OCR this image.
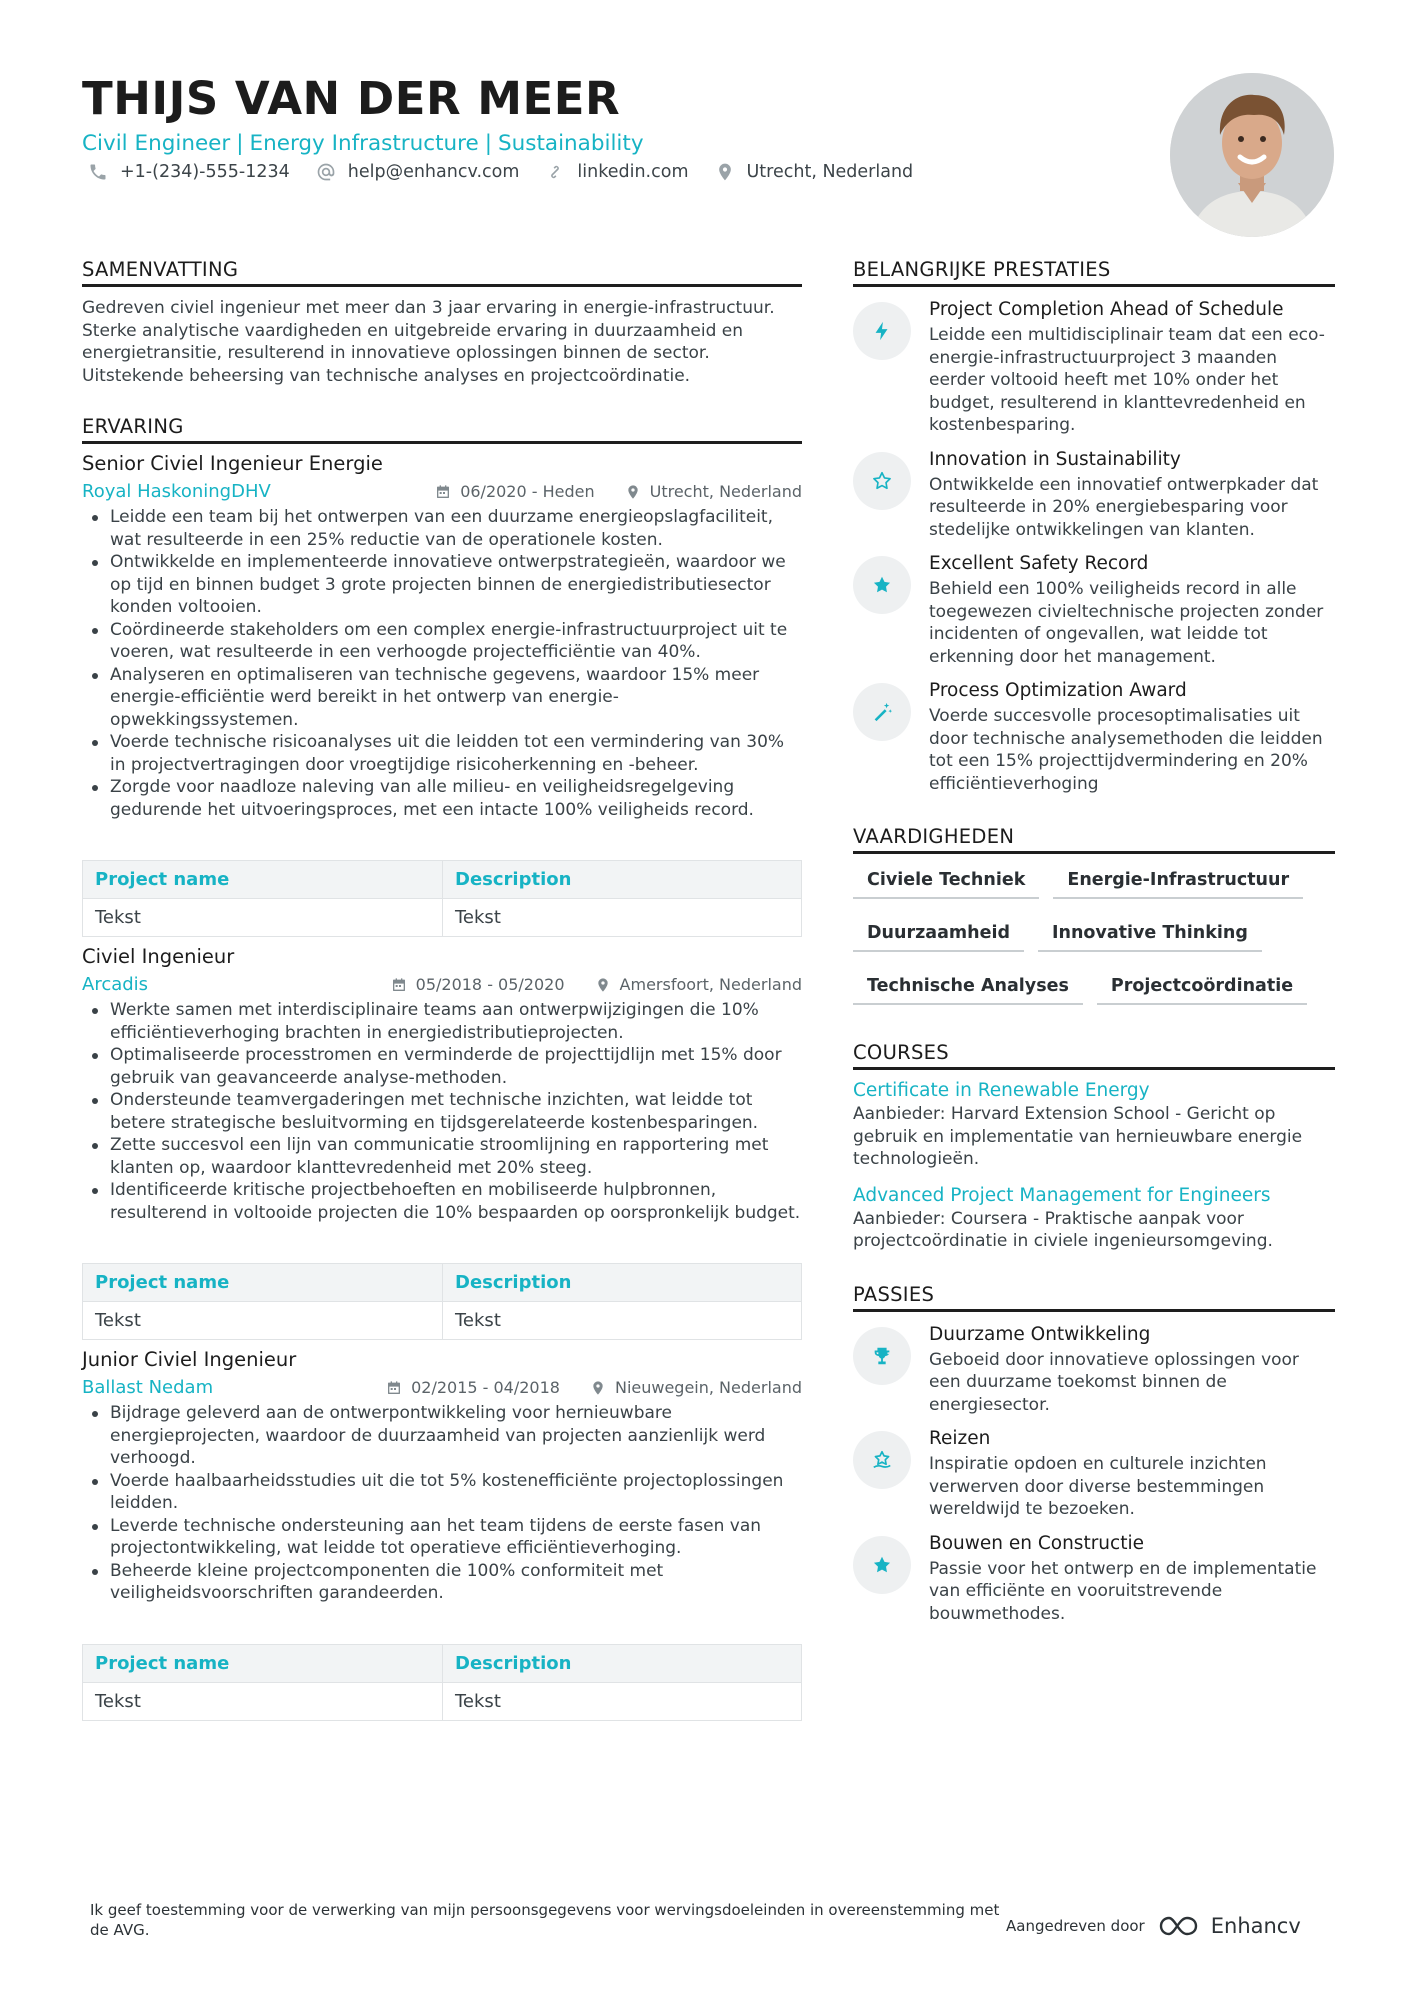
THIJS VAN DER MEER
Civil Engineer | Energy Infrastructure | Sustainability
+1-(234)-555-1234	help@enhancv.com	linkedin.com	Utrecht, Nederland
SAMENVATTING

Gedreven civiel ingenieur met meer dan 3 jaar ervaring in energie-infrastructuur. Sterke analytische vaardigheden en uitgebreide ervaring in duurzaamheid en energietransitie, resulterend in innovatieve oplossingen binnen de sector. Uitstekende beheersing van technische analyses en projectcoördinatie.

ERVARING
Senior Civiel Ingenieur Energie
Royal HaskoningDHV	06/2020 - Heden	Utrecht, Nederland
Leidde een team bij het ontwerpen van een duurzame energieopslagfaciliteit, wat resulteerde in een 25% reductie van de operationele kosten.
Ontwikkelde en implementeerde innovatieve ontwerpstrategieën, waardoor we op tijd en binnen budget 3 grote projecten binnen de energiedistributiesector konden voltooien.
Coördineerde stakeholders om een complex energie-infrastructuurproject uit te voeren, wat resulteerde in een verhoogde projectefficiëntie van 40%.
Analyseren en optimaliseren van technische gegevens, waardoor 15% meer energie-efficiëntie werd bereikt in het ontwerp van energie-opwekkingssystemen.
Voerde technische risicoanalyses uit die leidden tot een vermindering van 30% in projectvertragingen door vroegtijdige risicoherkenning en -beheer.
Zorgde voor naadloze naleving van alle milieu- en veiligheidsregelgeving gedurende het uitvoeringsproces, met een intacte 100% veiligheids record.
Project name	Description
Tekst	Tekst
Civiel Ingenieur
Arcadis	05/2018 - 05/2020	Amersfoort, Nederland
Werkte samen met interdisciplinaire teams aan ontwerpwijzigingen die 10% efficiëntieverhoging brachten in energiedistributieprojecten.
Optimaliseerde processtromen en verminderde de projecttijdlijn met 15% door gebruik van geavanceerde analyse-methoden.
Ondersteunde teamvergaderingen met technische inzichten, wat leidde tot betere strategische besluitvorming en tijdsgerelateerde kostenbesparingen.
Zette succesvol een lijn van communicatie stroomlijning en rapportering met klanten op, waardoor klanttevredenheid met 20% steeg.
Identificeerde kritische projectbehoeften en mobiliseerde hulpbronnen, resulterend in voltooide projecten die 10% bespaarden op oorspronkelijk budget.
Project name	Description
Tekst	Tekst
Junior Civiel Ingenieur
Ballast Nedam	02/2015 - 04/2018	Nieuwegein, Nederland
Bijdrage geleverd aan de ontwerpontwikkeling voor hernieuwbare energieprojecten, waardoor de duurzaamheid van projecten aanzienlijk werd verhoogd.
Voerde haalbaarheidsstudies uit die tot 5% kostenefficiënte projectoplossingen leidden.
Leverde technische ondersteuning aan het team tijdens de eerste fasen van projectontwikkeling, wat leidde tot operatieve efficiëntieverhoging.
Beheerde kleine projectcomponenten die 100% conformiteit met veiligheidsvoorschriften garandeerden.
Project name	Description
Tekst	Tekst
BELANGRIJKE PRESTATIES
Project Completion Ahead of Schedule
Leidde een multidisciplinair team dat een eco-energie-infrastructuurproject 3 maanden eerder voltooid heeft met 10% onder het budget, resulterend in klanttevredenheid en kostenbesparing.
Innovation in Sustainability
Ontwikkelde een innovatief ontwerpkader dat resulteerde in 20% energiebesparing voor stedelijke ontwikkelingen van klanten.
Excellent Safety Record
Behield een 100% veiligheids record in alle toegewezen civieltechnische projecten zonder incidenten of ongevallen, wat leidde tot erkenning door het management.
Process Optimization Award
Voerde succesvolle procesoptimalisaties uit door technische analysemethoden die leidden tot een 15% projecttijdvermindering en 20% efficiëntieverhoging
VAARDIGHEDEN
Civiele Techniek	Energie-Infrastructuur
Duurzaamheid	Innovative Thinking
Technische Analyses	Projectcoördinatie
COURSES
Certificate in Renewable Energy
Aanbieder: Harvard Extension School - Gericht op gebruik en implementatie van hernieuwbare energie technologieën.
Advanced Project Management for Engineers
Aanbieder: Coursera - Praktische aanpak voor projectcoördinatie in civiele ingenieursomgeving.
PASSIES
Duurzame Ontwikkeling
Geboeid door innovatieve oplossingen voor een duurzame toekomst binnen de energiesector.
Reizen
Inspiratie opdoen en culturele inzichten verwerven door diverse bestemmingen wereldwijd te bezoeken.
Bouwen en Constructie
Passie voor het ontwerp en de implementatie van efficiënte en vooruitstrevende bouwmethodes.
Ik geef toestemming voor de verwerking van mijn persoonsgegevens voor wervingsdoeleinden in overeenstemming met de AVG.	Aangedreven door	Enhancv
